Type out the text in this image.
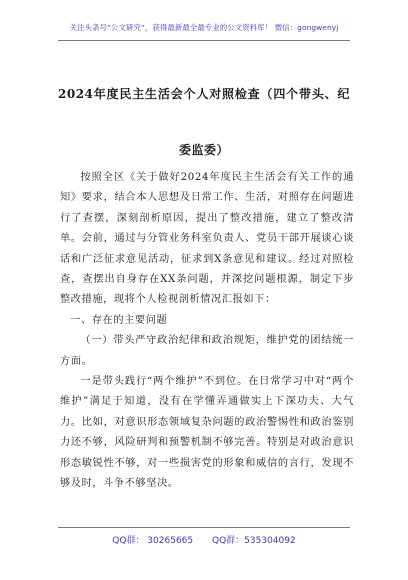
关注头条号“公文研究”，获得最新最全最专业的公文资料库！ 微信：gongwenyj
2024年度民主生活会个人对照检查（四个带头、纪委监委）

按照全区《关于做好2024年度民主生活会有关工作的通知》要求，结合本人思想及日常工作、生活，对照存在问题进行了查摆，深刻剖析原因，提出了整改措施，建立了整改清单。会前，通过与分管业务科室负责人、党员干部开展谈心谈话和广泛征求意见活动，征求到X条意见和建议。经过对照检查，查摆出自身存在XX条问题，并深挖问题根源，制定下步整改措施，现将个人检视剖析情况汇报如下：

一、存在的主要问题

（一）带头严守政治纪律和政治规矩，维护党的团结统一方面。

一是带头践行“两个维护”不到位。在日常学习中对“两个维护”满足于知道，没有在学懂弄通做实上下深功夫、大气力。比如，对意识形态领域复杂问题的政治警惕性和政治鉴别力还不够，风险研判和预警机制不够完善。特别是对政治意识形态敏锐性不够，对一些损害党的形象和威信的言行，发现不够及时，斗争不够坚决。

QQ群： 30265665 QQ群：535304092
